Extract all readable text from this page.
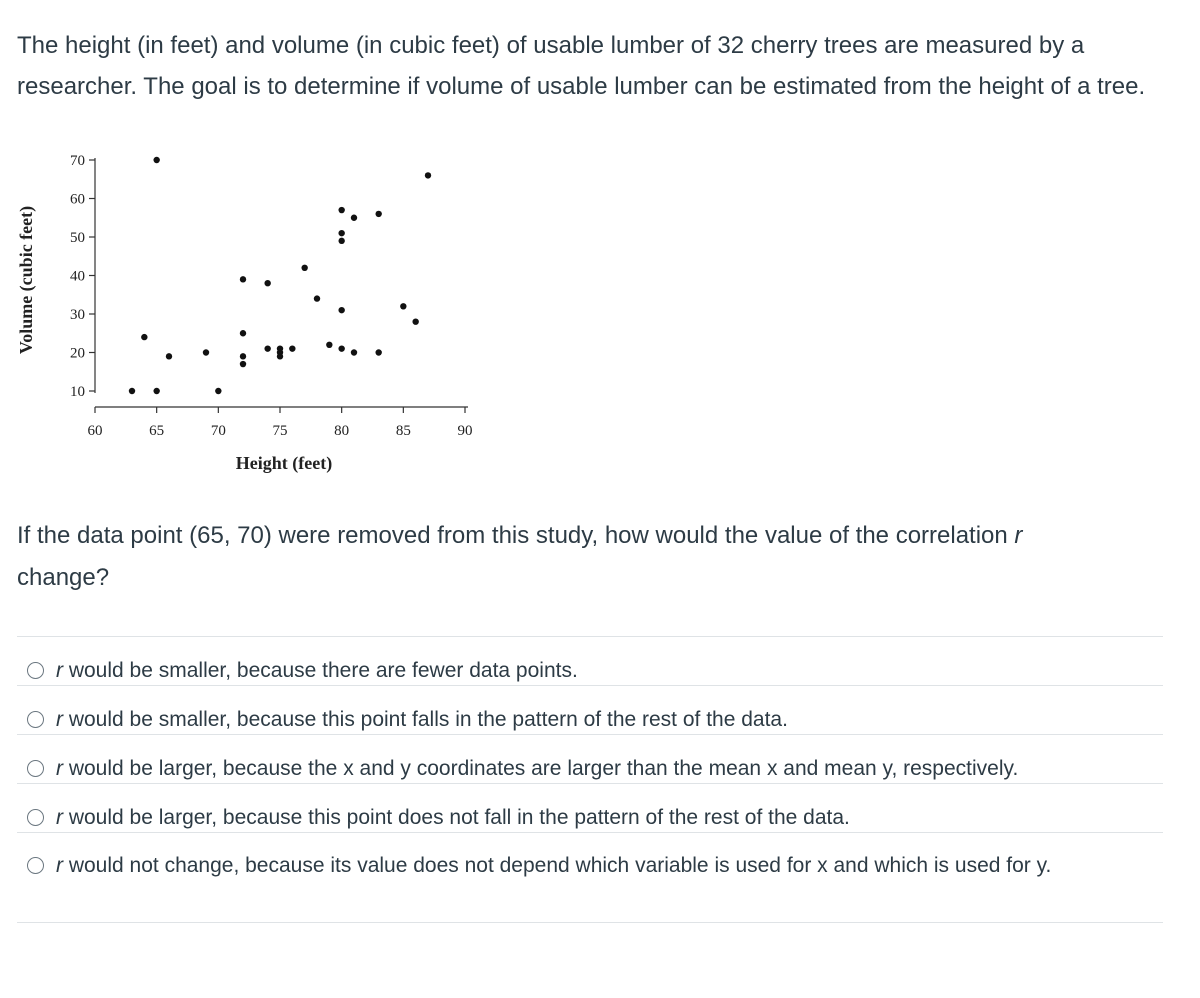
The height (in feet) and volume (in cubic feet) of usable lumber of 32 cherry trees are measured by a researcher. The goal is to determine if volume of usable lumber can be estimated from the height of a tree.

10
20
30
40
50
60
70
60	65	70	75	80	85	90
Height (feet)
Volume (cubic feet)

If the data point (65, 70) were removed from this study, how would the value of the correlation r
change?

r would be smaller, because there are fewer data points.
r would be smaller, because this point falls in the pattern of the rest of the data.
r would be larger, because the x and y coordinates are larger than the mean x and mean y, respectively.
r would be larger, because this point does not fall in the pattern of the rest of the data.
r would not change, because its value does not depend which variable is used for x and which is used for y.
